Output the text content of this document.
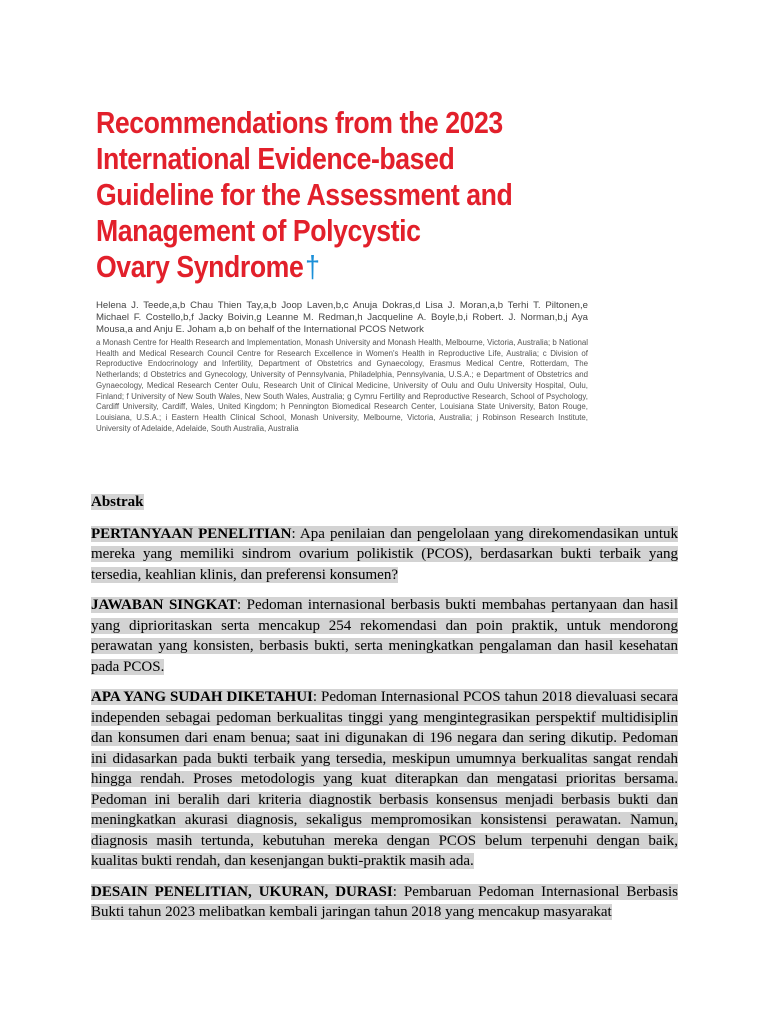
Recommendations from the 2023
International Evidence-based
Guideline for the Assessment and
Management of Polycystic
Ovary Syndrome†

Helena J. Teede,a,b Chau Thien Tay,a,b Joop Laven,b,c Anuja Dokras,d Lisa J. Moran,a,b Terhi T. Piltonen,e Michael F. Costello,b,f Jacky Boivin,g Leanne M. Redman,h Jacqueline A. Boyle,b,i Robert. J. Norman,b,j Aya Mousa,a and Anju E. Joham a,b on behalf of the International PCOS Network

a Monash Centre for Health Research and Implementation, Monash University and Monash Health, Melbourne, Victoria, Australia; b National Health and Medical Research Council Centre for Research Excellence in Women's Health in Reproductive Life, Australia; c Division of Reproductive Endocrinology and Infertility, Department of Obstetrics and Gynaecology, Erasmus Medical Centre, Rotterdam, The Netherlands; d Obstetrics and Gynecology, University of Pennsylvania, Philadelphia, Pennsylvania, U.S.A.; e Department of Obstetrics and Gynaecology, Medical Research Center Oulu, Research Unit of Clinical Medicine, University of Oulu and Oulu University Hospital, Oulu, Finland; f University of New South Wales, New South Wales, Australia; g Cymru Fertility and Reproductive Research, School of Psychology, Cardiff University, Cardiff, Wales, United Kingdom; h Pennington Biomedical Research Center, Louisiana State University, Baton Rouge, Louisiana, U.S.A.; i Eastern Health Clinical School, Monash University, Melbourne, Victoria, Australia; j Robinson Research Institute, University of Adelaide, Adelaide, South Australia, Australia

Abstrak

PERTANYAAN PENELITIAN: Apa penilaian dan pengelolaan yang direkomendasikan untuk mereka yang memiliki sindrom ovarium polikistik (PCOS), berdasarkan bukti terbaik yang tersedia, keahlian klinis, dan preferensi konsumen?

JAWABAN SINGKAT: Pedoman internasional berbasis bukti membahas pertanyaan dan hasil yang diprioritaskan serta mencakup 254 rekomendasi dan poin praktik, untuk mendorong perawatan yang konsisten, berbasis bukti, serta meningkatkan pengalaman dan hasil kesehatan pada PCOS.

APA YANG SUDAH DIKETAHUI: Pedoman Internasional PCOS tahun 2018 dievaluasi secara independen sebagai pedoman berkualitas tinggi yang mengintegrasikan perspektif multidisiplin dan konsumen dari enam benua; saat ini digunakan di 196 negara dan sering dikutip. Pedoman ini didasarkan pada bukti terbaik yang tersedia, meskipun umumnya berkualitas sangat rendah hingga rendah. Proses metodologis yang kuat diterapkan dan mengatasi prioritas bersama. Pedoman ini beralih dari kriteria diagnostik berbasis konsensus menjadi berbasis bukti dan meningkatkan akurasi diagnosis, sekaligus mempromosikan konsistensi perawatan. Namun, diagnosis masih tertunda, kebutuhan mereka dengan PCOS belum terpenuhi dengan baik, kualitas bukti rendah, dan kesenjangan bukti-praktik masih ada.

DESAIN PENELITIAN, UKURAN, DURASI: Pembaruan Pedoman Internasional Berbasis Bukti tahun 2023 melibatkan kembali jaringan tahun 2018 yang mencakup masyarakat
